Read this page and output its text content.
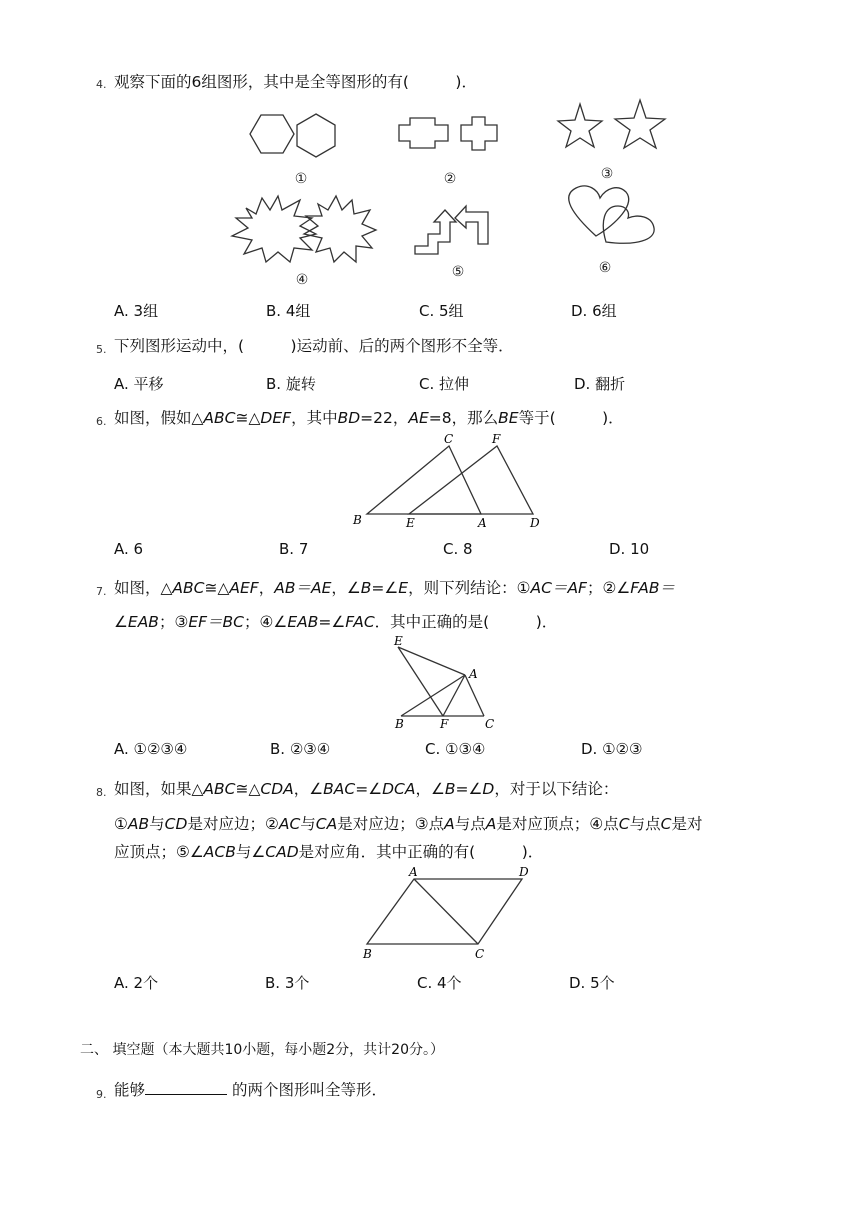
4. 观察下面的6组图形，其中是全等图形的有(　　　)．
①	②	③
④	⑤	⑥
A. 3组	B. 4组	C. 5组	D. 6组
5. 下列图形运动中，(　　　)运动前、后的两个图形不全等．
A. 平移	B. 旋转	C. 拉伸	D. 翻折
6. 如图，假如△ABC≅△DEF，其中BD=22，AE=8，那么BE等于(　　　)．
C	F
B	E	A	D
A. 6	B. 7	C. 8	D. 10
7. 如图，△ABC≅△AEF，AB＝AE，∠B=∠E，则下列结论：①AC＝AF；②∠FAB＝
∠EAB；③EF＝BC；④∠EAB=∠FAC．其中正确的是(　　　)．
E
A
B	F	C
A. ①②③④	B. ②③④	C. ①③④	D. ①②③
8. 如图，如果△ABC≅△CDA，∠BAC=∠DCA，∠B=∠D，对于以下结论：
①AB与CD是对应边；②AC与CA是对应边；③点A与点A是对应顶点；④点C与点C是对
应顶点；⑤∠ACB与∠CAD是对应角．其中正确的有(　　　)．
A	D
B	C
A. 2个	B. 3个	C. 4个	D. 5个
二、 填空题（本大题共10小题，每小题2分，共计20分。）
9. 能够	的两个图形叫全等形．
